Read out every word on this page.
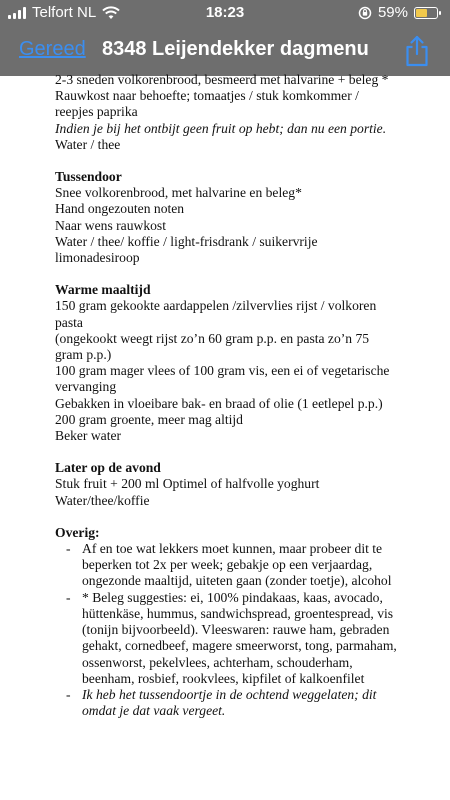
Telfort NL	18:23	59%
Gereed 8348 Leijendekker dagmenu

2-3 sneden volkorenbrood, besmeerd met halvarine + beleg *

Rauwkost naar behoefte; tomaatjes / stuk komkommer / reepjes paprika

Indien je bij het ontbijt geen fruit op hebt; dan nu een portie.

Water / thee

Tussendoor

Snee volkorenbrood, met halvarine en beleg*

Hand ongezouten noten

Naar wens rauwkost

Water / thee/ koffie / light-frisdrank / suikervrije limonadesiroop

Warme maaltijd

150 gram gekookte aardappelen /zilvervlies rijst / volkoren pasta

(ongekookt weegt rijst zo’n 60 gram p.p. en pasta zo’n 75 gram p.p.)

100 gram mager vlees of 100 gram vis, een ei of vegetarische vervanging

Gebakken in vloeibare bak- en braad of olie (1 eetlepel p.p.)

200 gram groente, meer mag altijd

Beker water

Later op de avond

Stuk fruit + 200 ml Optimel of halfvolle yoghurt

Water/thee/koffie

Overig:

- Af en toe wat lekkers moet kunnen, maar probeer dit te beperken tot 2x per week; gebakje op een verjaardag, ongezonde maaltijd, uiteten gaan (zonder toetje), alcohol
- * Beleg suggesties: ei, 100% pindakaas, kaas, avocado, hüttenkäse, hummus, sandwichspread, groentespread, vis (tonijn bijvoorbeeld). Vleeswaren: rauwe ham, gebraden gehakt, cornedbeef, magere smeerworst, tong, parmaham, ossenworst, pekelvlees, achterham, schouderham, beenham, rosbief, rookvlees, kipfilet of kalkoenfilet
- Ik heb het tussendoortje in de ochtend weggelaten; dit omdat je dat vaak vergeet.
